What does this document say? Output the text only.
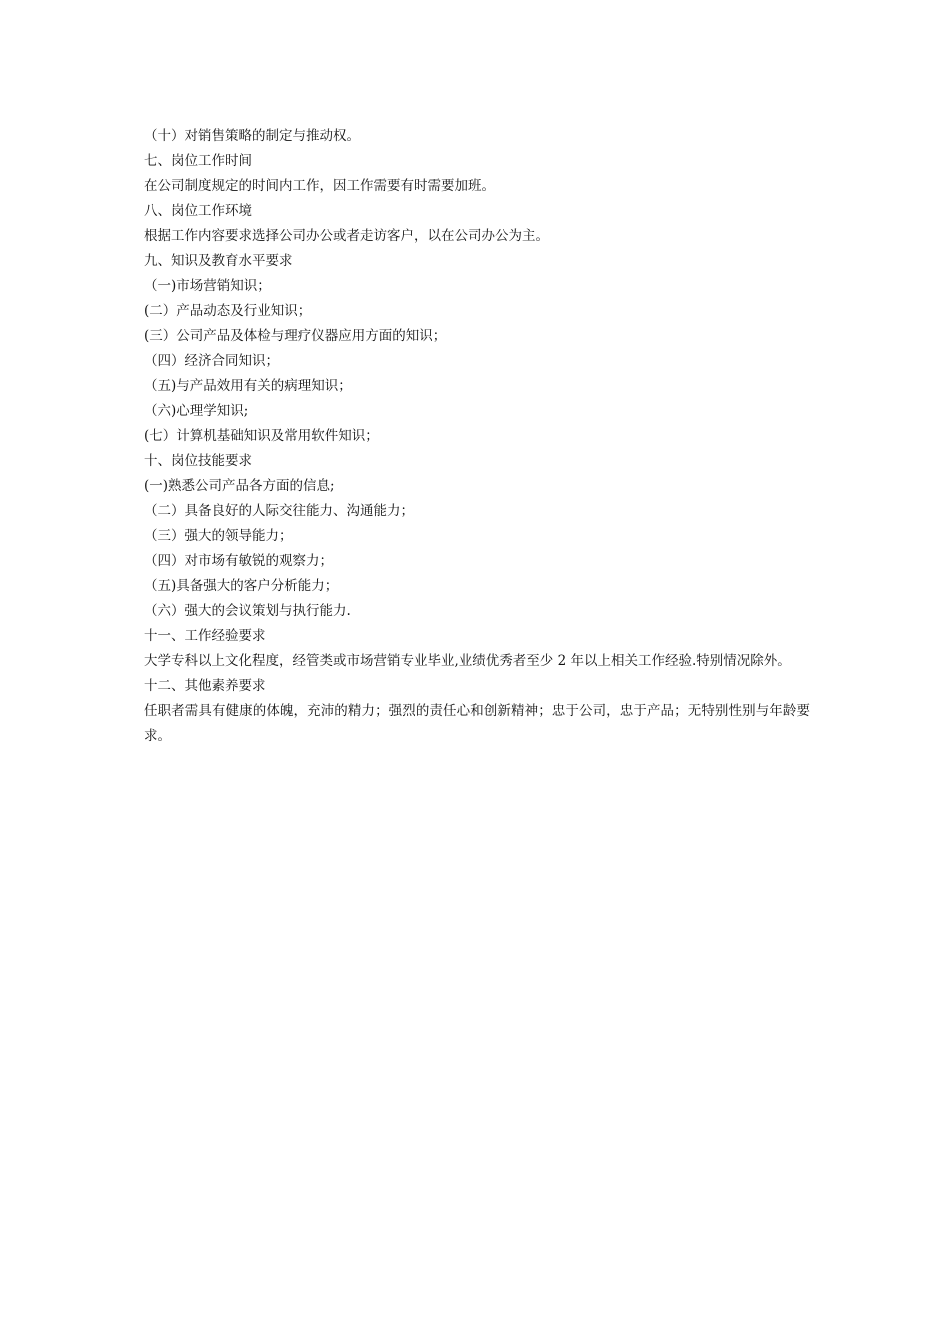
（十）对销售策略的制定与推动权。
七、岗位工作时间
在公司制度规定的时间内工作，因工作需要有时需要加班。
八、岗位工作环境
根据工作内容要求选择公司办公或者走访客户，以在公司办公为主。
九、知识及教育水平要求
（一)市场营销知识；
(二）产品动态及行业知识；
(三）公司产品及体检与理疗仪器应用方面的知识；
（四）经济合同知识；
（五)与产品效用有关的病理知识；
（六)心理学知识;
(七）计算机基础知识及常用软件知识；
十、岗位技能要求
(一)熟悉公司产品各方面的信息;
（二）具备良好的人际交往能力、沟通能力；
（三）强大的领导能力；
（四）对市场有敏锐的观察力；
（五)具备强大的客户分析能力；
（六）强大的会议策划与执行能力.
十一、工作经验要求
大学专科以上文化程度，经管类或市场营销专业毕业,业绩优秀者至少 2 年以上相关工作经验.特别情况除外。
十二、其他素养要求
任职者需具有健康的体魄，充沛的精力；强烈的责任心和创新精神；忠于公司，忠于产品；无特别性别与年龄要求。
